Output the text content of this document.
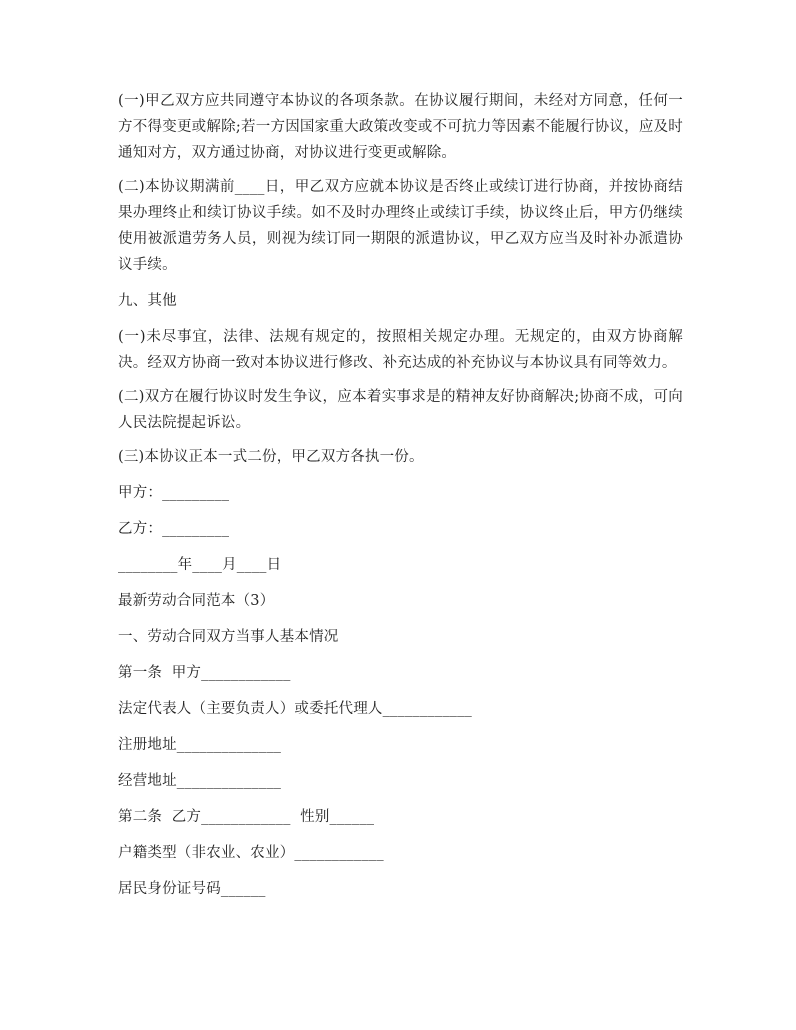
(一)甲乙双方应共同遵守本协议的各项条款。在协议履行期间，未经对方同意，任何一方不得变更或解除;若一方因国家重大政策改变或不可抗力等因素不能履行协议，应及时通知对方，双方通过协商，对协议进行变更或解除。

(二)本协议期满前____日，甲乙双方应就本协议是否终止或续订进行协商，并按协商结果办理终止和续订协议手续。如不及时办理终止或续订手续，协议终止后，甲方仍继续使用被派遣劳务人员，则视为续订同一期限的派遣协议，甲乙双方应当及时补办派遣协议手续。

九、其他

(一)未尽事宜，法律、法规有规定的，按照相关规定办理。无规定的，由双方协商解决。经双方协商一致对本协议进行修改、补充达成的补充协议与本协议具有同等效力。

(二)双方在履行协议时发生争议，应本着实事求是的精神友好协商解决;协商不成，可向人民法院提起诉讼。

(三)本协议正本一式二份，甲乙双方各执一份。

甲方：_________

乙方：_________

________年____月____日

最新劳动合同范本（3）

一、劳动合同双方当事人基本情况

第一条  甲方____________

法定代表人（主要负责人）或委托代理人____________

注册地址______________

经营地址______________

第二条  乙方____________  性别______

户籍类型（非农业、农业）____________

居民身份证号码______
